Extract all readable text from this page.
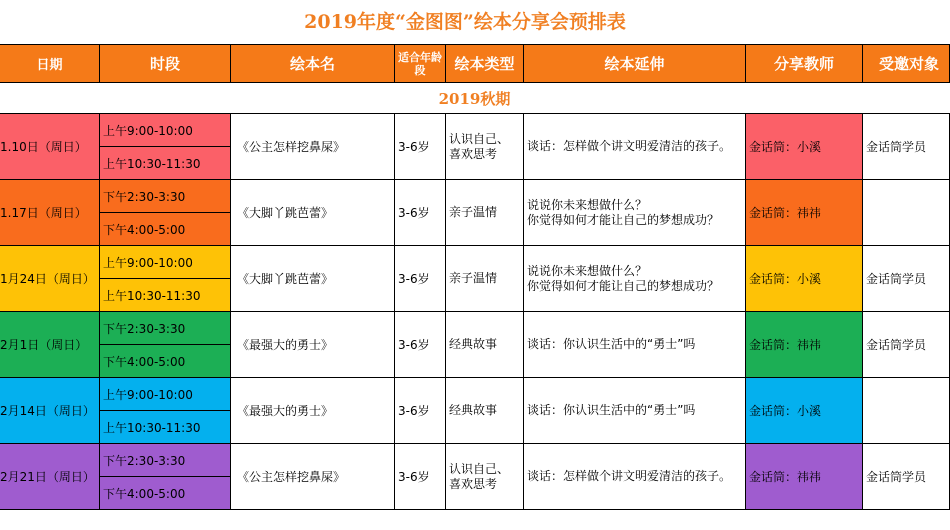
2019年度“金图图”绘本分享会预排表
日期	时段	绘本名	适合年龄段	绘本类型	绘本延伸	分享教师	受邀对象
2019秋期							
1.10日（周日）	上午9:00-10:00	《公主怎样挖鼻屎》	3-6岁	认识自己、喜欢思考	谈话：怎样做个讲文明爱清洁的孩子。	金话筒：小溪	金话筒学员
	上午10:30-11:30						
1.17日（周日）	下午2:30-3:30	《大脚丫跳芭蕾》	3-6岁	亲子温情	说说你未来想做什么？
你觉得如何才能让自己的梦想成功？	金话筒：祎祎	
	下午4:00-5:00						
1月24日（周日）	上午9:00-10:00	《大脚丫跳芭蕾》	3-6岁	亲子温情	说说你未来想做什么？
你觉得如何才能让自己的梦想成功？	金话筒：小溪	金话筒学员
	上午10:30-11:30						
2月1日（周日）	下午2:30-3:30	《最强大的勇士》	3-6岁	经典故事	谈话：你认识生活中的“勇士”吗	金话筒：祎祎	金话筒学员
	下午4:00-5:00						
2月14日（周日）	上午9:00-10:00	《最强大的勇士》	3-6岁	经典故事	谈话：你认识生活中的“勇士”吗	金话筒：小溪	
	上午10:30-11:30						
2月21日（周日）	下午2:30-3:30	《公主怎样挖鼻屎》	3-6岁	认识自己、喜欢思考	谈话：怎样做个讲文明爱清洁的孩子。	金话筒：祎祎	金话筒学员
	下午4:00-5:00						
